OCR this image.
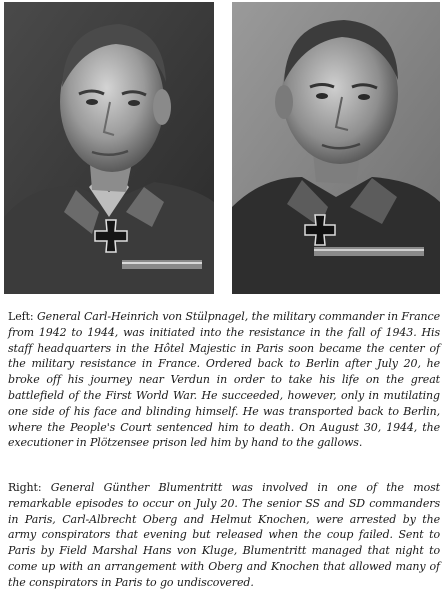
Left: General Carl-Heinrich von Stülpnagel, the military commander in France from 1942 to 1944, was initiated into the resistance in the fall of 1943. His staff headquarters in the Hôtel Majestic in Paris soon became the center of the military resistance in France. Ordered back to Berlin after July 20, he broke off his journey near Verdun in order to take his life on the great battlefield of the First World War. He succeeded, however, only in mutilating one side of his face and blinding himself. He was transported back to Berlin, where the People's Court sentenced him to death. On August 30, 1944, the executioner in Plötzensee prison led him by hand to the gallows.

Right: General Günther Blumentritt was involved in one of the most remarkable episodes to occur on July 20. The senior SS and SD commanders in Paris, Carl-Albrecht Oberg and Helmut Knochen, were arrested by the army conspirators that evening but released when the coup failed. Sent to Paris by Field Marshal Hans von Kluge, Blumentritt managed that night to come up with an arrangement with Oberg and Knochen that allowed many of the conspirators in Paris to go undiscovered.
